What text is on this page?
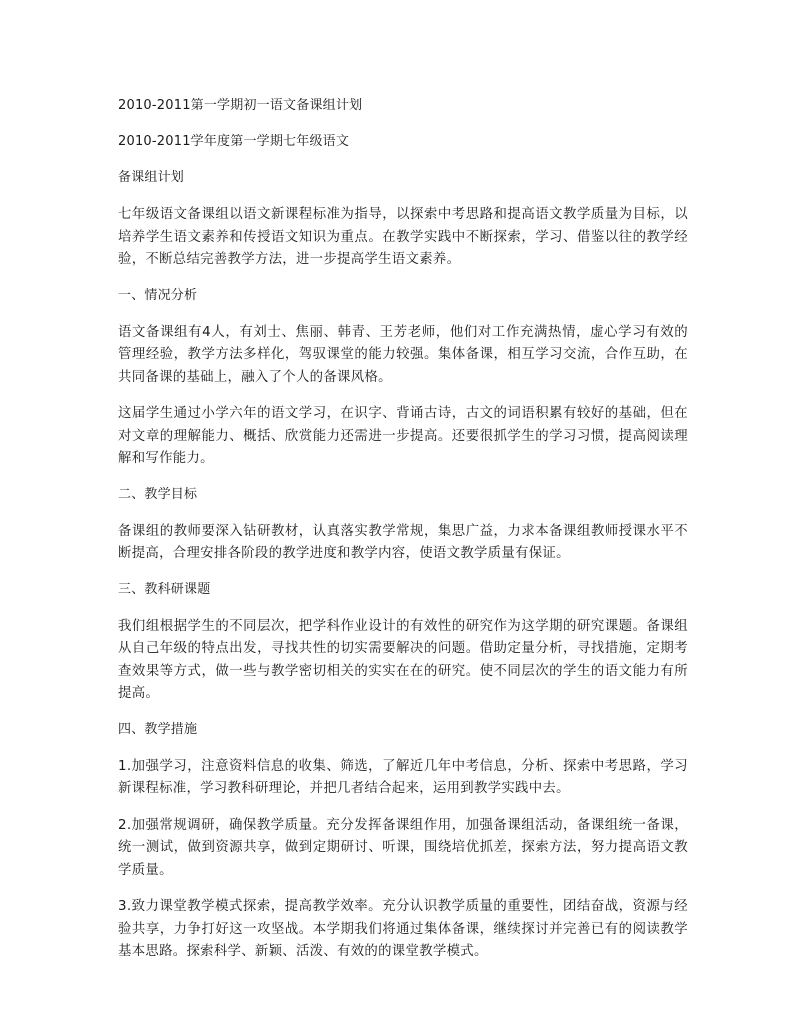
2010-2011第一学期初一语文备课组计划

2010-2011学年度第一学期七年级语文

备课组计划

七年级语文备课组以语文新课程标准为指导，以探索中考思路和提高语文教学质量为目标，以培养学生语文素养和传授语文知识为重点。在教学实践中不断探索，学习、借鉴以往的教学经验，不断总结完善教学方法，进一步提高学生语文素养。

一、情况分析

语文备课组有4人，有刘士、焦丽、韩青、王芳老师，他们对工作充满热情，虚心学习有效的管理经验，教学方法多样化，驾驭课堂的能力较强。集体备课，相互学习交流，合作互助，在共同备课的基础上，融入了个人的备课风格。

这届学生通过小学六年的语文学习，在识字、背诵古诗，古文的词语积累有较好的基础，但在对文章的理解能力、概括、欣赏能力还需进一步提高。还要很抓学生的学习习惯，提高阅读理解和写作能力。

二、教学目标

备课组的教师要深入钻研教材，认真落实教学常规，集思广益，力求本备课组教师授课水平不断提高，合理安排各阶段的教学进度和教学内容，使语文教学质量有保证。

三、教科研课题

我们组根据学生的不同层次，把学科作业设计的有效性的研究作为这学期的研究课题。备课组从自己年级的特点出发，寻找共性的切实需要解决的问题。借助定量分析，寻找措施，定期考查效果等方式，做一些与教学密切相关的实实在在的研究。使不同层次的学生的语文能力有所提高。

四、教学措施

1.加强学习，注意资料信息的收集、筛选，了解近几年中考信息，分析、探索中考思路，学习新课程标准，学习教科研理论，并把几者结合起来，运用到教学实践中去。

2.加强常规调研，确保教学质量。充分发挥备课组作用，加强备课组活动，备课组统一备课，统一测试，做到资源共享，做到定期研讨、听课，围绕培优抓差，探索方法，努力提高语文教学质量。

3.致力课堂教学模式探索，提高教学效率。充分认识教学质量的重要性，团结奋战，资源与经验共享，力争打好这一攻坚战。本学期我们将通过集体备课，继续探讨并完善已有的阅读教学基本思路。探索科学、新颖、活泼、有效的的课堂教学模式。
